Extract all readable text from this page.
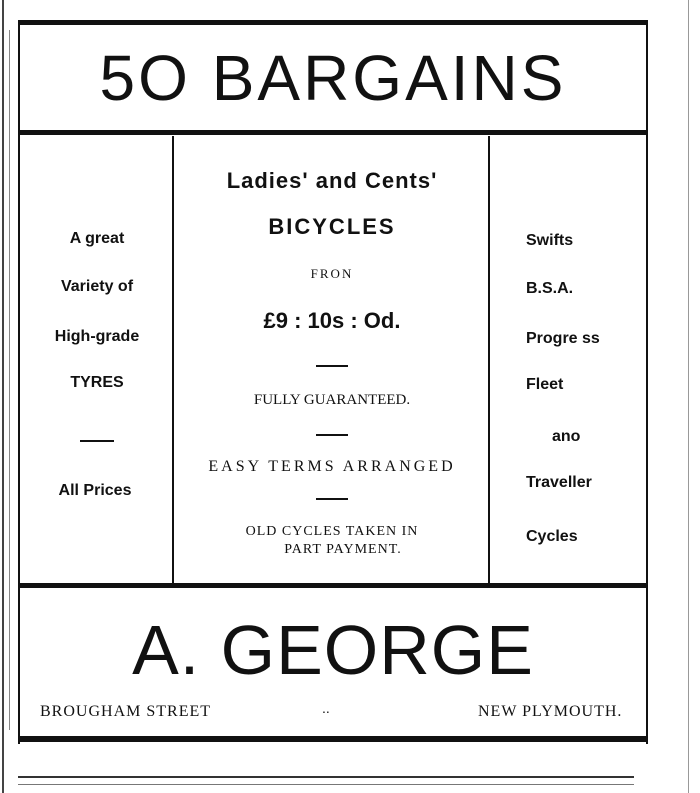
5O BARGAINS
A great
Variety of
High-grade
TYRES
All Prices
Ladies' and Cents'
BICYCLES
FRON
£9 : 10s : Od.
FULLY GUARANTEED.
EASY TERMS ARRANGED
OLD CYCLES TAKEN IN
PART PAYMENT.
Swifts
B.S.A.
Progre ss
Fleet
ano
Traveller
Cycles
A. GEORGE
BROUGHAM STREET	..	NEW PLYMOUTH.
